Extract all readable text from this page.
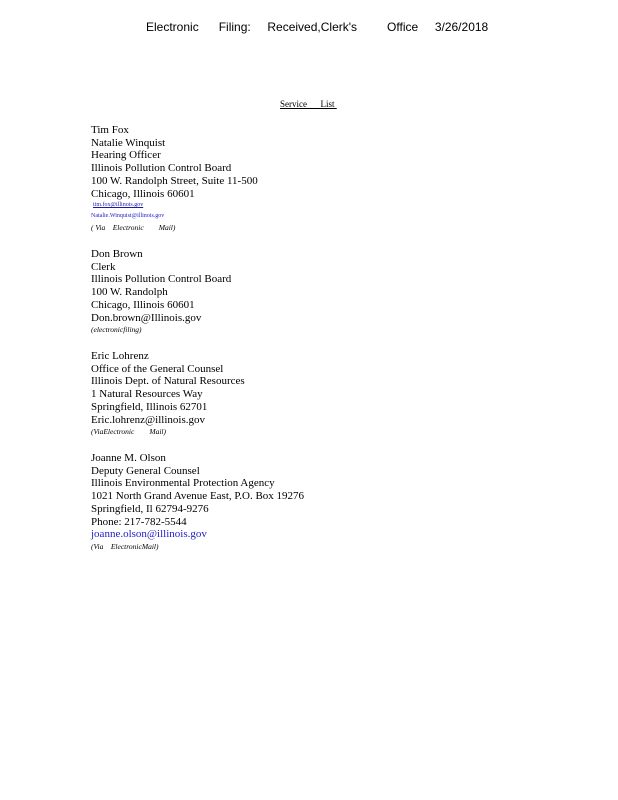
Electronic      Filing:     Received,Clerk's         Office     3/26/2018
Service      List
Tim Fox
Natalie Winquist
Hearing Officer
Illinois Pollution Control Board
100 W. Randolph Street, Suite 11-500
Chicago, Illinois 60601
tim.fox@illinois.gov
Natalie.Winquist@illinois.gov
( Via    Electronic        Mail)
Don Brown
Clerk
Illinois Pollution Control Board
100 W. Randolph
Chicago, Illinois 60601
Don.brown@Illinois.gov
(electronicfiling)
Eric Lohrenz
Office of the General Counsel
Illinois Dept. of Natural Resources
1 Natural Resources Way
Springfield, Illinois 62701
Eric.lohrenz@illinois.gov
(ViaElectronic        Mail)
Joanne M. Olson
Deputy General Counsel
Illinois Environmental Protection Agency
1021 North Grand Avenue East, P.O. Box 19276
Springfield, Il 62794-9276
Phone: 217-782-5544
joanne.olson@illinois.gov
(Via    ElectronicMail)
